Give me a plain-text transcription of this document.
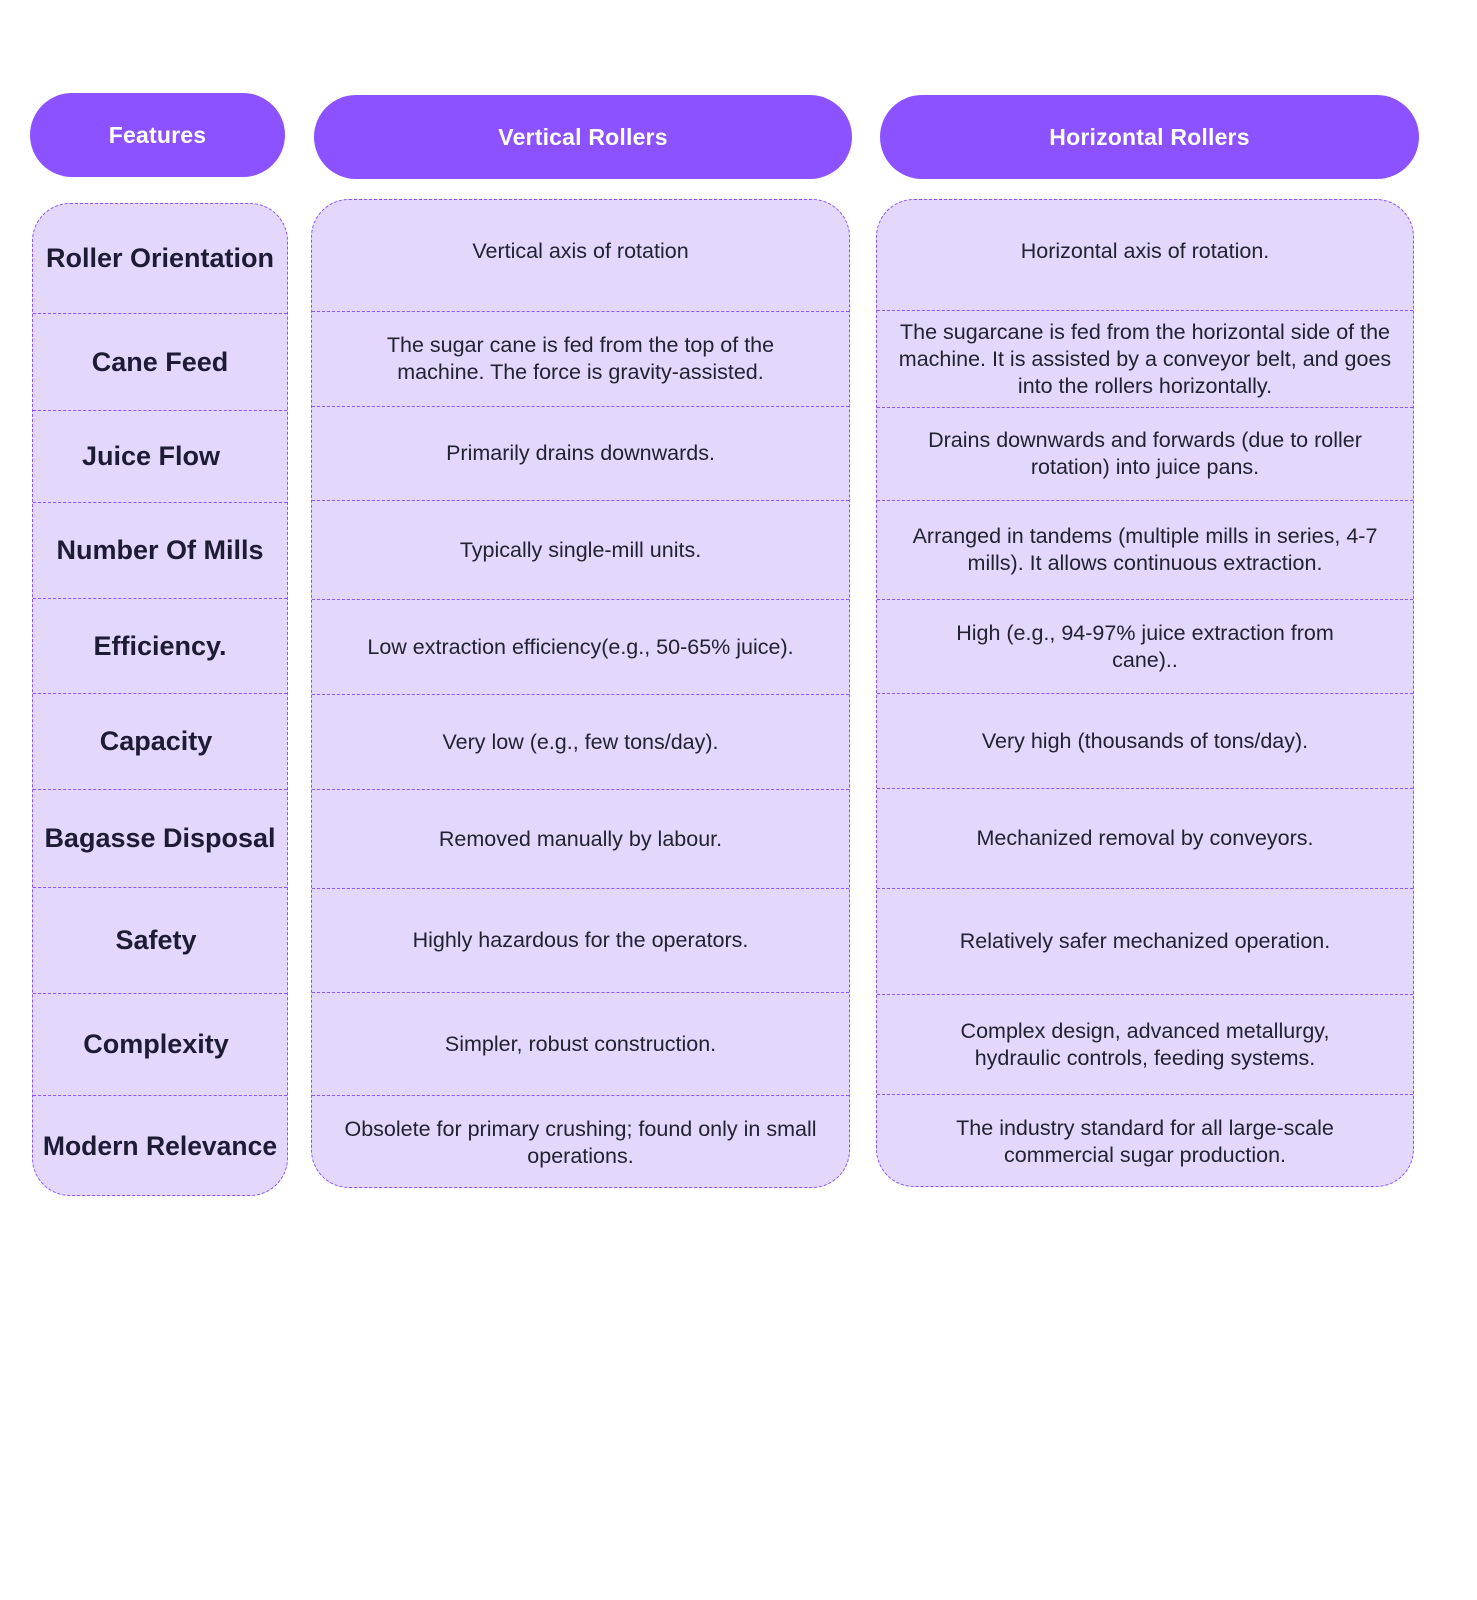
Features	Vertical Rollers	Horizontal Rollers
Roller Orientation
Cane Feed
Juice Flow
Number Of Mills
Efficiency.
Capacity
Bagasse Disposal
Safety
Complexity
Modern Relevance
Vertical axis of rotation
The sugar cane is fed from the top of the machine. The force is gravity-assisted.
Primarily drains downwards.
Typically single-mill units.
Low extraction efficiency(e.g., 50-65% juice).
Very low (e.g., few tons/day).
Removed manually by labour.
Highly hazardous for the operators.
Simpler, robust construction.
Obsolete for primary crushing; found only in small operations.
Horizontal axis of rotation.
The sugarcane is fed from the horizontal side of the machine. It is assisted by a conveyor belt, and goes into the rollers horizontally.
Drains downwards and forwards (due to roller rotation) into juice pans.
Arranged in tandems (multiple mills in series, 4-7 mills). It allows continuous extraction.
High (e.g., 94-97% juice extraction from cane)..
Very high (thousands of tons/day).
Mechanized removal by conveyors.
Relatively safer mechanized operation.
Complex design, advanced metallurgy, hydraulic controls, feeding systems.
The industry standard for all large-scale commercial sugar production.
